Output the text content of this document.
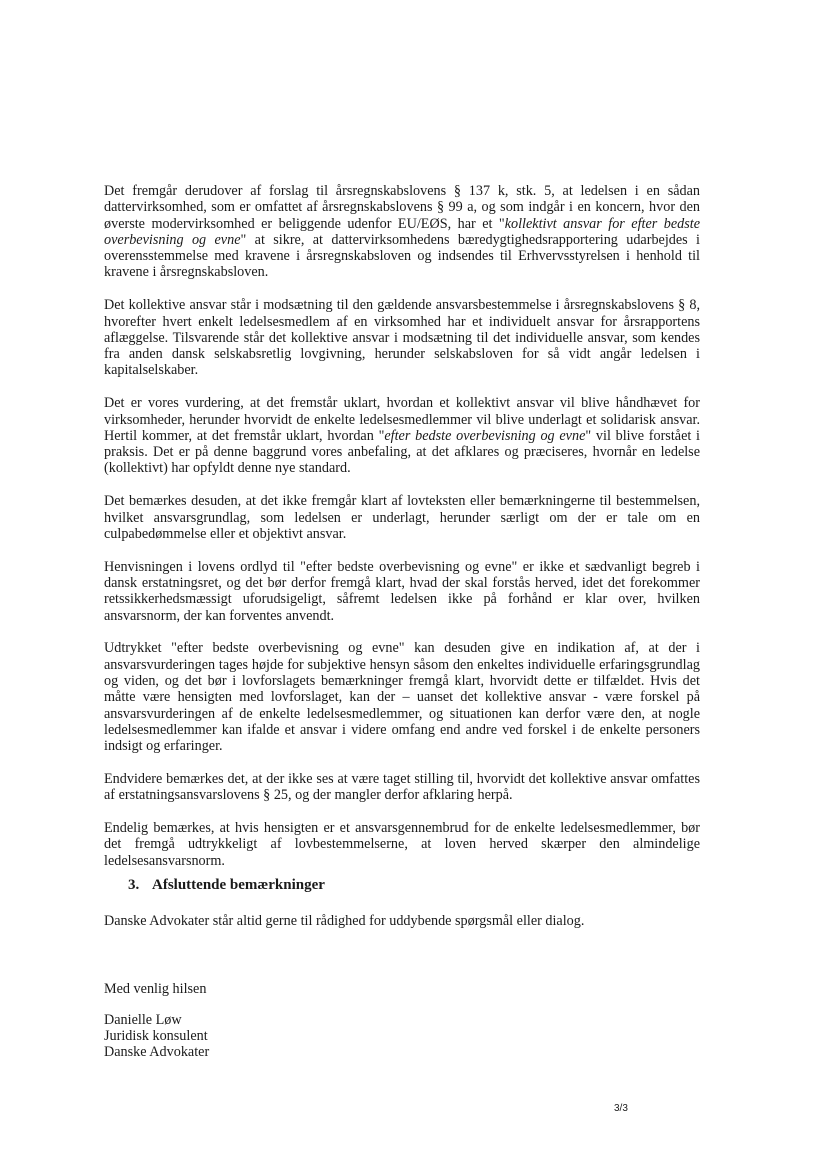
Det fremgår derudover af forslag til årsregnskabslovens § 137 k, stk. 5, at ledelsen i en sådan dattervirksomhed, som er omfattet af årsregnskabslovens § 99 a, og som indgår i en koncern, hvor den øverste modervirksomhed er beliggende udenfor EU/EØS, har et "kollektivt ansvar for efter bedste overbevisning og evne" at sikre, at dattervirksomhedens bæredygtighedsrapportering udarbejdes i overensstemmelse med kravene i årsregnskabsloven og indsendes til Erhvervsstyrelsen i henhold til kravene i årsregnskabsloven.

Det kollektive ansvar står i modsætning til den gældende ansvarsbestemmelse i årsregnskabslovens § 8, hvorefter hvert enkelt ledelsesmedlem af en virksomhed har et individuelt ansvar for årsrapportens aflæggelse. Tilsvarende står det kollektive ansvar i modsætning til det individuelle ansvar, som kendes fra anden dansk selskabsretlig lovgivning, herunder selskabsloven for så vidt angår ledelsen i kapitalselskaber.

Det er vores vurdering, at det fremstår uklart, hvordan et kollektivt ansvar vil blive håndhævet for virksomheder, herunder hvorvidt de enkelte ledelsesmedlemmer vil blive underlagt et solidarisk ansvar. Hertil kommer, at det fremstår uklart, hvordan "efter bedste overbevisning og evne" vil blive forstået i praksis. Det er på denne baggrund vores anbefaling, at det afklares og præciseres, hvornår en ledelse (kollektivt) har opfyldt denne nye standard.

Det bemærkes desuden, at det ikke fremgår klart af lovteksten eller bemærkningerne til bestemmelsen, hvilket ansvarsgrundlag, som ledelsen er underlagt, herunder særligt om der er tale om en culpabedømmelse eller et objektivt ansvar.

Henvisningen i lovens ordlyd til "efter bedste overbevisning og evne" er ikke et sædvanligt begreb i dansk erstatningsret, og det bør derfor fremgå klart, hvad der skal forstås herved, idet det forekommer retssikkerhedsmæssigt uforudsigeligt, såfremt ledelsen ikke på forhånd er klar over, hvilken ansvarsnorm, der kan forventes anvendt.

Udtrykket "efter bedste overbevisning og evne" kan desuden give en indikation af, at der i ansvarsvurderingen tages højde for subjektive hensyn såsom den enkeltes individuelle erfaringsgrundlag og viden, og det bør i lovforslagets bemærkninger fremgå klart, hvorvidt dette er tilfældet. Hvis det måtte være hensigten med lovforslaget, kan der – uanset det kollektive ansvar - være forskel på ansvarsvurderingen af de enkelte ledelsesmedlemmer, og situationen kan derfor være den, at nogle ledelsesmedlemmer kan ifalde et ansvar i videre omfang end andre ved forskel i de enkelte personers indsigt og erfaringer.

Endvidere bemærkes det, at der ikke ses at være taget stilling til, hvorvidt det kollektive ansvar omfattes af erstatningsansvarslovens § 25, og der mangler derfor afklaring herpå.

Endelig bemærkes, at hvis hensigten er et ansvarsgennembrud for de enkelte ledelsesmedlemmer, bør det fremgå udtrykkeligt af lovbestemmelserne, at loven herved skærper den almindelige ledelsesansvarsnorm.

3. Afsluttende bemærkninger
Danske Advokater står altid gerne til rådighed for uddybende spørgsmål eller dialog.
Med venlig hilsen
Danielle Løw
Juridisk konsulent
Danske Advokater
3/3
